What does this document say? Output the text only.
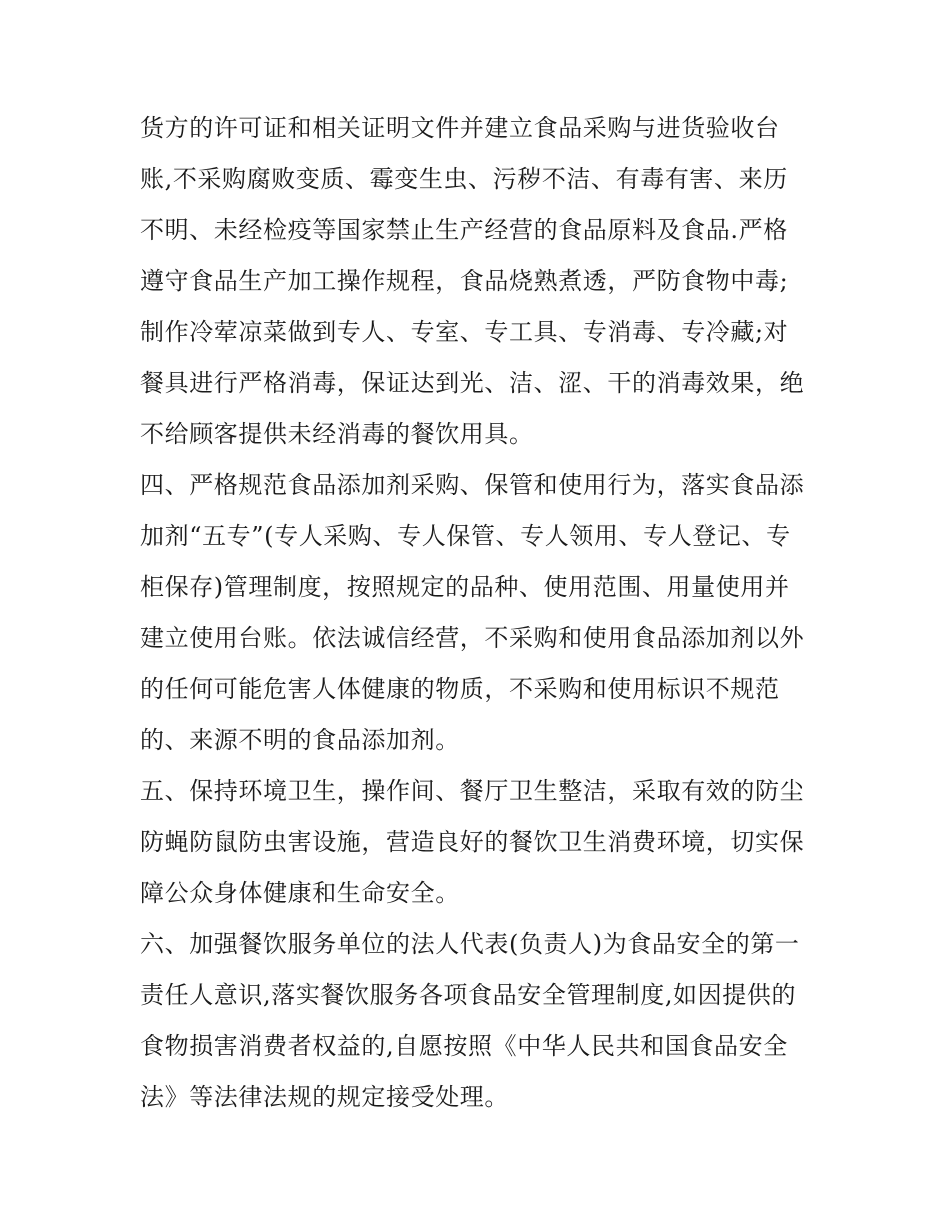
货方的许可证和相关证明文件并建立食品采购与进货验收台
账,不采购腐败变质、霉变生虫、污秽不洁、有毒有害、来历
不明、未经检疫等国家禁止生产经营的食品原料及食品.严格
遵守食品生产加工操作规程，食品烧熟煮透，严防食物中毒;
制作冷荤凉菜做到专人、专室、专工具、专消毒、专冷藏;对
餐具进行严格消毒，保证达到光、洁、涩、干的消毒效果，绝
不给顾客提供未经消毒的餐饮用具。
四、严格规范食品添加剂采购、保管和使用行为，落实食品添
加剂“五专”(专人采购、专人保管、专人领用、专人登记、专
柜保存)管理制度，按照规定的品种、使用范围、用量使用并
建立使用台账。依法诚信经营，不采购和使用食品添加剂以外
的任何可能危害人体健康的物质，不采购和使用标识不规范
的、来源不明的食品添加剂。
五、保持环境卫生，操作间、餐厅卫生整洁，采取有效的防尘
防蝇防鼠防虫害设施，营造良好的餐饮卫生消费环境，切实保
障公众身体健康和生命安全。
六、加强餐饮服务单位的法人代表(负责人)为食品安全的第一
责任人意识,落实餐饮服务各项食品安全管理制度,如因提供的
食物损害消费者权益的,自愿按照《中华人民共和国食品安全
法》等法律法规的规定接受处理。
